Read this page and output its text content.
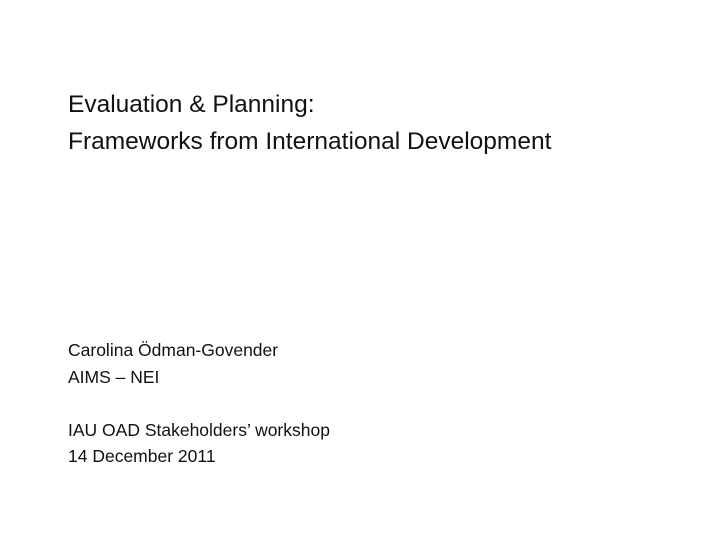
Evaluation & Planning:
Frameworks from International Development
Carolina Ödman-Govender
AIMS – NEI
IAU OAD Stakeholders’ workshop
14 December 2011
